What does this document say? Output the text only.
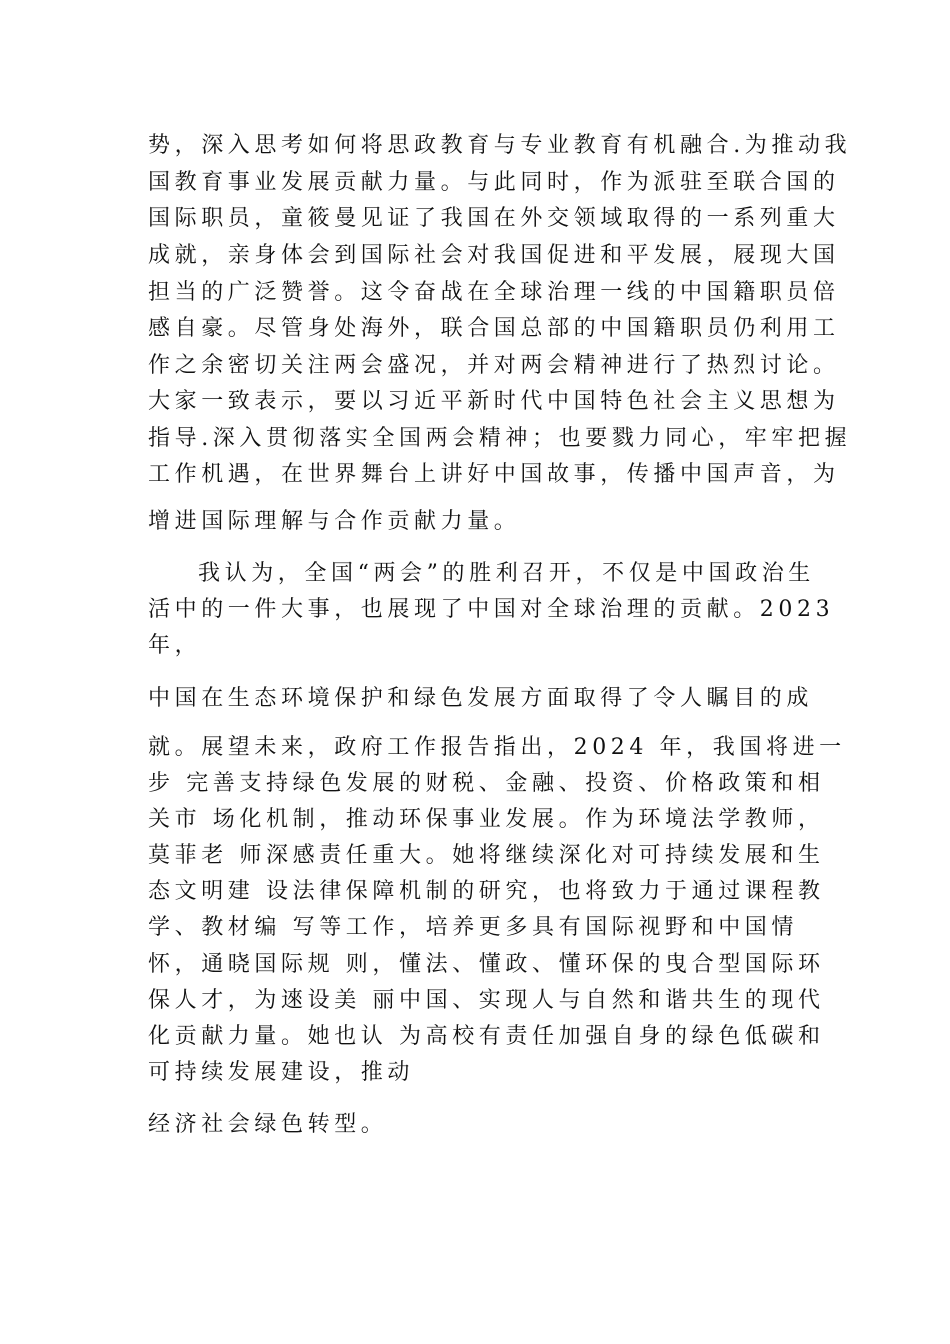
势，深入思考如何将思政教育与专业教育有机融合.为推动我
国教育事业发展贡献力量。与此同时，作为派驻至联合国的
国际职员，童筱曼见证了我国在外交领域取得的一系列重大
成就，亲身体会到国际社会对我国促进和平发展，屐现大国
担当的广泛赞誉。这令奋战在全球治理一线的中国籍职员倍
感自豪。尽管身处海外，联合国总部的中国籍职员仍利用工
作之余密切关注两会盛况，并对两会精神进行了热烈讨论。
大家一致表示，要以习近平新时代中国特色社会主义思想为
指导.深入贯彻落实全国两会精神；也要戮力同心，牢牢把握
工作机遇，在世界舞台上讲好中国故事，传播中国声音，为
增进国际理解与合作贡献力量。
我认为，全国“两会”的胜利召开，不仅是中国政治生
活中的一件大事，也展现了中国对全球治理的贡献。2023
年，
中国在生态环境保护和绿色发展方面取得了令人瞩目的成
就。展望未来，政府工作报告指出，2024 年，我国将进一
步 完善支持绿色发展的财税、金融、投资、价格政策和相
关市 场化机制，推动环保事业发展。作为环境法学教师，
莫菲老 师深感责任重大。她将继续深化对可持续发展和生
态文明建 设法律保障机制的研究，也将致力于通过课程教
学、教材编 写等工作，培养更多具有国际视野和中国情
怀，通晓国际规 则，懂法、懂政、懂环保的曳合型国际环
保人才，为逨设美 丽中国、实现人与自然和谐共生的现代
化贡献力量。她也认 为高校有责任加强自身的绿色低碳和
可持续发展建设，推动
经济社会绿色转型。
